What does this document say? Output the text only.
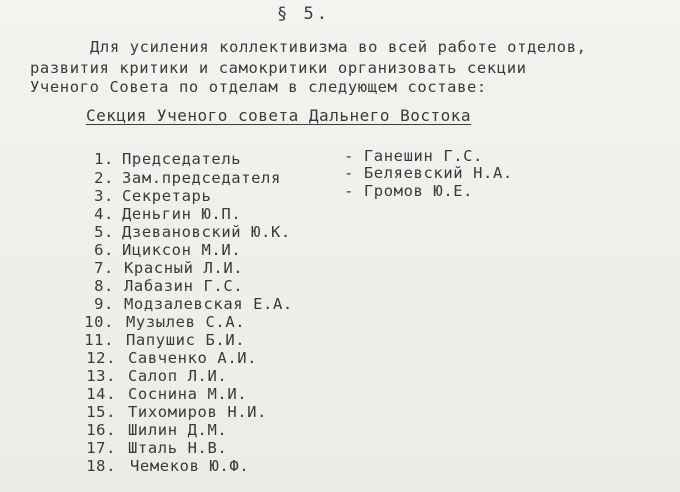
§ 5.
Для усиления коллективизма во всей работе отделов,
развития критики и самокритики организовать секции
Ученого Совета по отделам в следующем составе:
Секция Ученого совета Дальнего Востока
1. Председатель	- Ганешин Г.С.
2. Зам.председателя	- Беляевский Н.А.
3. Секретарь	- Громов Ю.Е.
4. Деньгин Ю.П.
5. Дзевановский Ю.К.
6. Ициксон М.И.
7. Красный Л.И.
8. Лабазин Г.С.
9. Модзалевская Е.А.
10. Музылев С.А.
11. Папушис Б.И.
12. Савченко А.И.
13. Салоп Л.И.
14. Соснина М.И.
15. Тихомиров Н.И.
16. Шилин Д.М.
17. Шталь Н.В.
18. Чемеков Ю.Ф.
